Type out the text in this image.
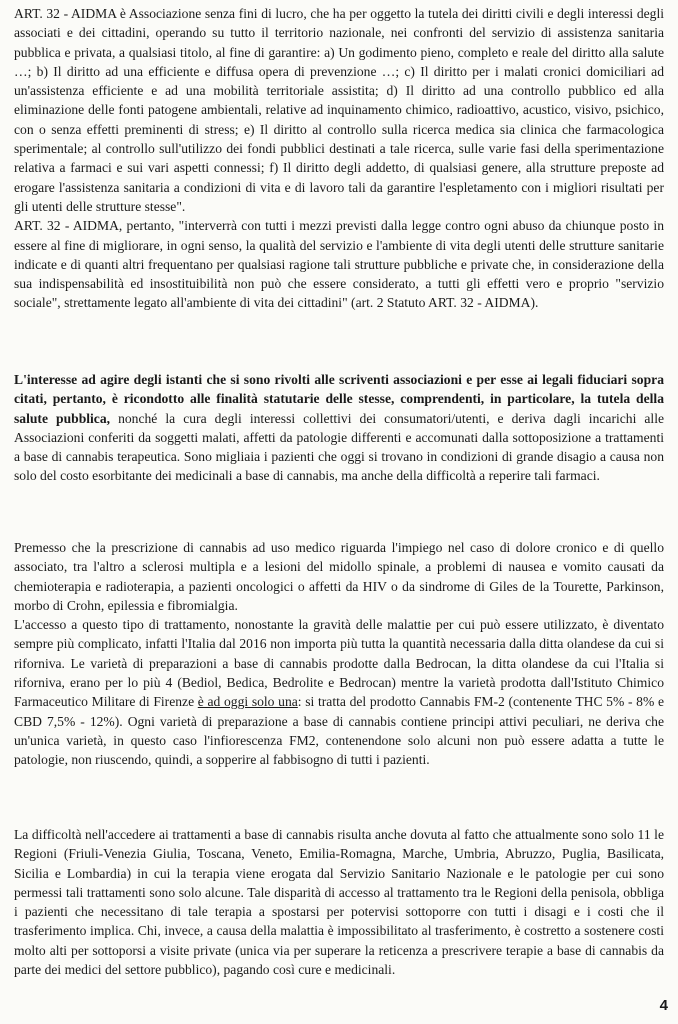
ART. 32 - AIDMA è Associazione senza fini di lucro, che ha per oggetto la tutela dei diritti civili e degli interessi degli associati e dei cittadini, operando su tutto il territorio nazionale, nei confronti del servizio di assistenza sanitaria pubblica e privata, a qualsiasi titolo, al fine di garantire: a) Un godimento pieno, completo e reale del diritto alla salute …; b) Il diritto ad una efficiente e diffusa opera di prevenzione …; c) Il diritto per i malati cronici domiciliari ad un'assistenza efficiente e ad una mobilità territoriale assistita; d) Il diritto ad una controllo pubblico ed alla eliminazione delle fonti patogene ambientali, relative ad inquinamento chimico, radioattivo, acustico, visivo, psichico, con o senza effetti preminenti di stress; e) Il diritto al controllo sulla ricerca medica sia clinica che farmacologica sperimentale; al controllo sull'utilizzo dei fondi pubblici destinati a tale ricerca, sulle varie fasi della sperimentazione relativa a farmaci e sui vari aspetti connessi; f) Il diritto degli addetto, di qualsiasi genere, alla strutture preposte ad erogare l'assistenza sanitaria a condizioni di vita e di lavoro tali da garantire l'espletamento con i migliori risultati per gli utenti delle strutture stesse".
ART. 32 - AIDMA, pertanto, "interverrà con tutti i mezzi previsti dalla legge contro ogni abuso da chiunque posto in essere al fine di migliorare, in ogni senso, la qualità del servizio e l'ambiente di vita degli utenti delle strutture sanitarie indicate e di quanti altri frequentano per qualsiasi ragione tali strutture pubbliche e private che, in considerazione della sua indispensabilità ed insostituibilità non può che essere considerato, a tutti gli effetti vero e proprio "servizio sociale", strettamente legato all'ambiente di vita dei cittadini" (art. 2 Statuto ART. 32 - AIDMA).

L'interesse ad agire degli istanti che si sono rivolti alle scriventi associazioni e per esse ai legali fiduciari sopra citati, pertanto, è ricondotto alle finalità statutarie delle stesse, comprendenti, in particolare, la tutela della salute pubblica, nonché la cura degli interessi collettivi dei consumatori/utenti, e deriva dagli incarichi alle Associazioni conferiti da soggetti malati, affetti da patologie differenti e accomunati dalla sottoposizione a trattamenti a base di cannabis terapeutica. Sono migliaia i pazienti che oggi si trovano in condizioni di grande disagio a causa non solo del costo esorbitante dei medicinali a base di cannabis, ma anche della difficoltà a reperire tali farmaci.

Premesso che la prescrizione di cannabis ad uso medico riguarda l'impiego nel caso di dolore cronico e di quello associato, tra l'altro a sclerosi multipla e a lesioni del midollo spinale, a problemi di nausea e vomito causati da chemioterapia e radioterapia, a pazienti oncologici o affetti da HIV o da sindrome di Giles de la Tourette, Parkinson, morbo di Crohn, epilessia e fibromialgia.
L'accesso a questo tipo di trattamento, nonostante la gravità delle malattie per cui può essere utilizzato, è diventato sempre più complicato, infatti l'Italia dal 2016 non importa più tutta la quantità necessaria dalla ditta olandese da cui si riforniva. Le varietà di preparazioni a base di cannabis prodotte dalla Bedrocan, la ditta olandese da cui l'Italia si riforniva, erano per lo più 4 (Bediol, Bedica, Bedrolite e Bedrocan) mentre la varietà prodotta dall'Istituto Chimico Farmaceutico Militare di Firenze è ad oggi solo una: si tratta del prodotto Cannabis FM-2 (contenente THC 5% - 8% e CBD 7,5% - 12%). Ogni varietà di preparazione a base di cannabis contiene principi attivi peculiari, ne deriva che un'unica varietà, in questo caso l'infiorescenza FM2, contenendone solo alcuni non può essere adatta a tutte le patologie, non riuscendo, quindi, a sopperire al fabbisogno di tutti i pazienti.

La difficoltà nell'accedere ai trattamenti a base di cannabis risulta anche dovuta al fatto che attualmente sono solo 11 le Regioni (Friuli-Venezia Giulia, Toscana, Veneto, Emilia-Romagna, Marche, Umbria, Abruzzo, Puglia, Basilicata, Sicilia e Lombardia) in cui la terapia viene erogata dal Servizio Sanitario Nazionale e le patologie per cui sono permessi tali trattamenti sono solo alcune. Tale disparità di accesso al trattamento tra le Regioni della penisola, obbliga i pazienti che necessitano di tale terapia a spostarsi per potervisi sottoporre con tutti i disagi e i costi che il trasferimento implica. Chi, invece, a causa della malattia è impossibilitato al trasferimento, è costretto a sostenere costi molto alti per sottoporsi a visite private (unica via per superare la reticenza a prescrivere terapie a base di cannabis da parte dei medici del settore pubblico), pagando così cure e medicinali.

4
